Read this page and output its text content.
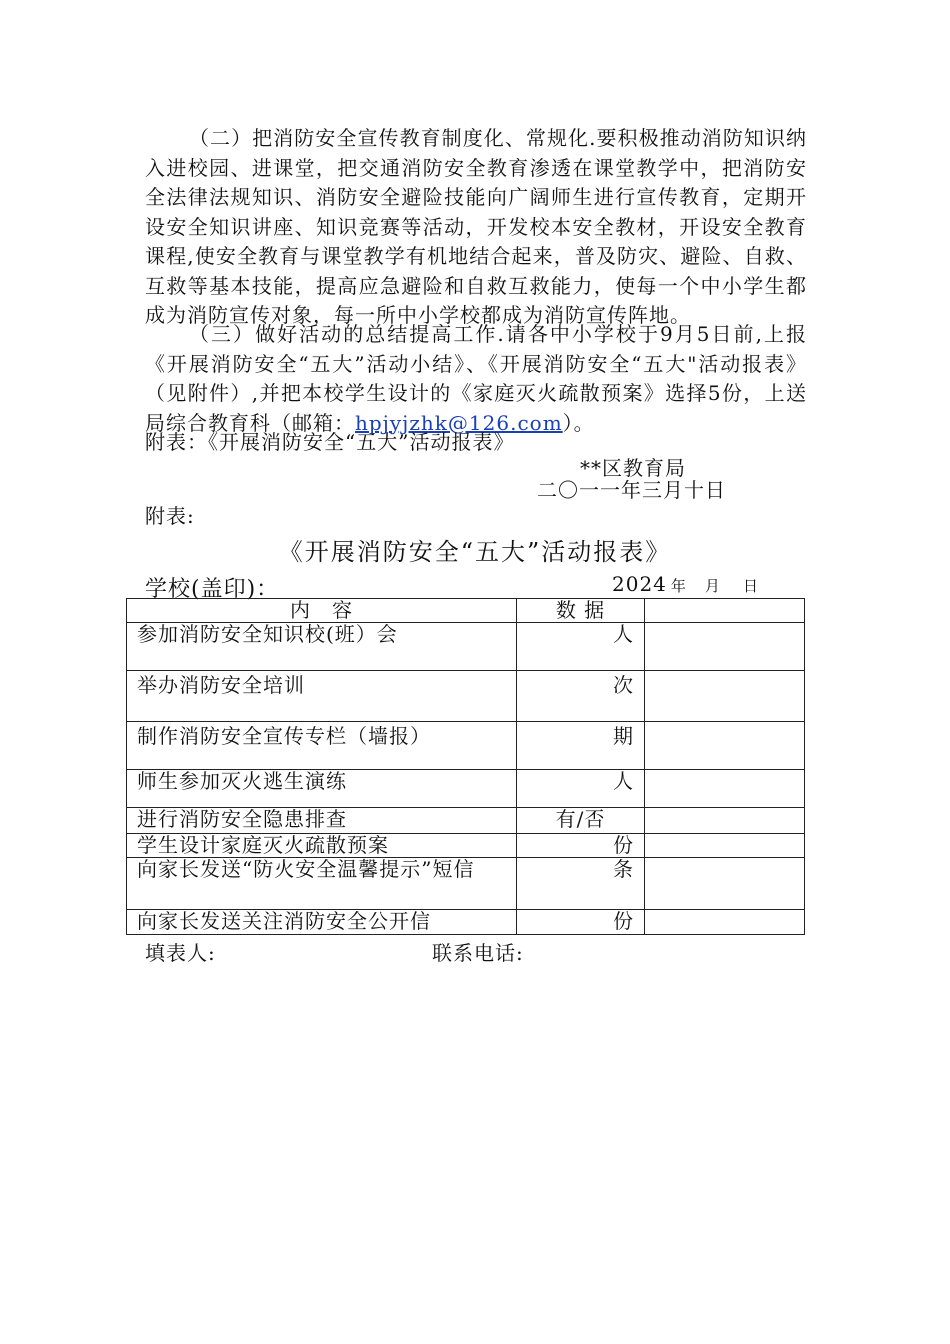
（二）把消防安全宣传教育制度化、常规化.要积极推动消防知识纳入进校园、进课堂，把交通消防安全教育渗透在课堂教学中，把消防安全法律法规知识、消防安全避险技能向广阔师生进行宣传教育，定期开设安全知识讲座、知识竞赛等活动，开发校本安全教材，开设安全教育课程,使安全教育与课堂教学有机地结合起来，普及防灾、避险、自救、互救等基本技能，提高应急避险和自救互救能力，使每一个中小学生都成为消防宣传对象，每一所中小学校都成为消防宣传阵地。

（三）做好活动的总结提高工作.请各中小学校于9月5日前,上报《开展消防安全“五大”活动小结》、《开展消防安全“五大"活动报表》（见附件）,并把本校学生设计的《家庭灭火疏散预案》选择5份，上送局综合教育科（邮箱：hpjyjzhk@126.com）。

附表：《开展消防安全“五大”活动报表》
**区教育局
二〇一一年三月十日
附表:
《开展消防安全“五大”活动报表》
学校(盖印)：	2024 年 月 日
内　容	数 据	
参加消防安全知识校(班）会	人	
举办消防安全培训	次	
制作消防安全宣传专栏（墙报）	期	
师生参加灭火逃生演练	人	
进行消防安全隐患排查	有/否	
学生设计家庭灭火疏散预案	份	
向家长发送“防火安全温馨提示”短信	条	
向家长发送关注消防安全公开信	份	
填表人:	联系电话:
